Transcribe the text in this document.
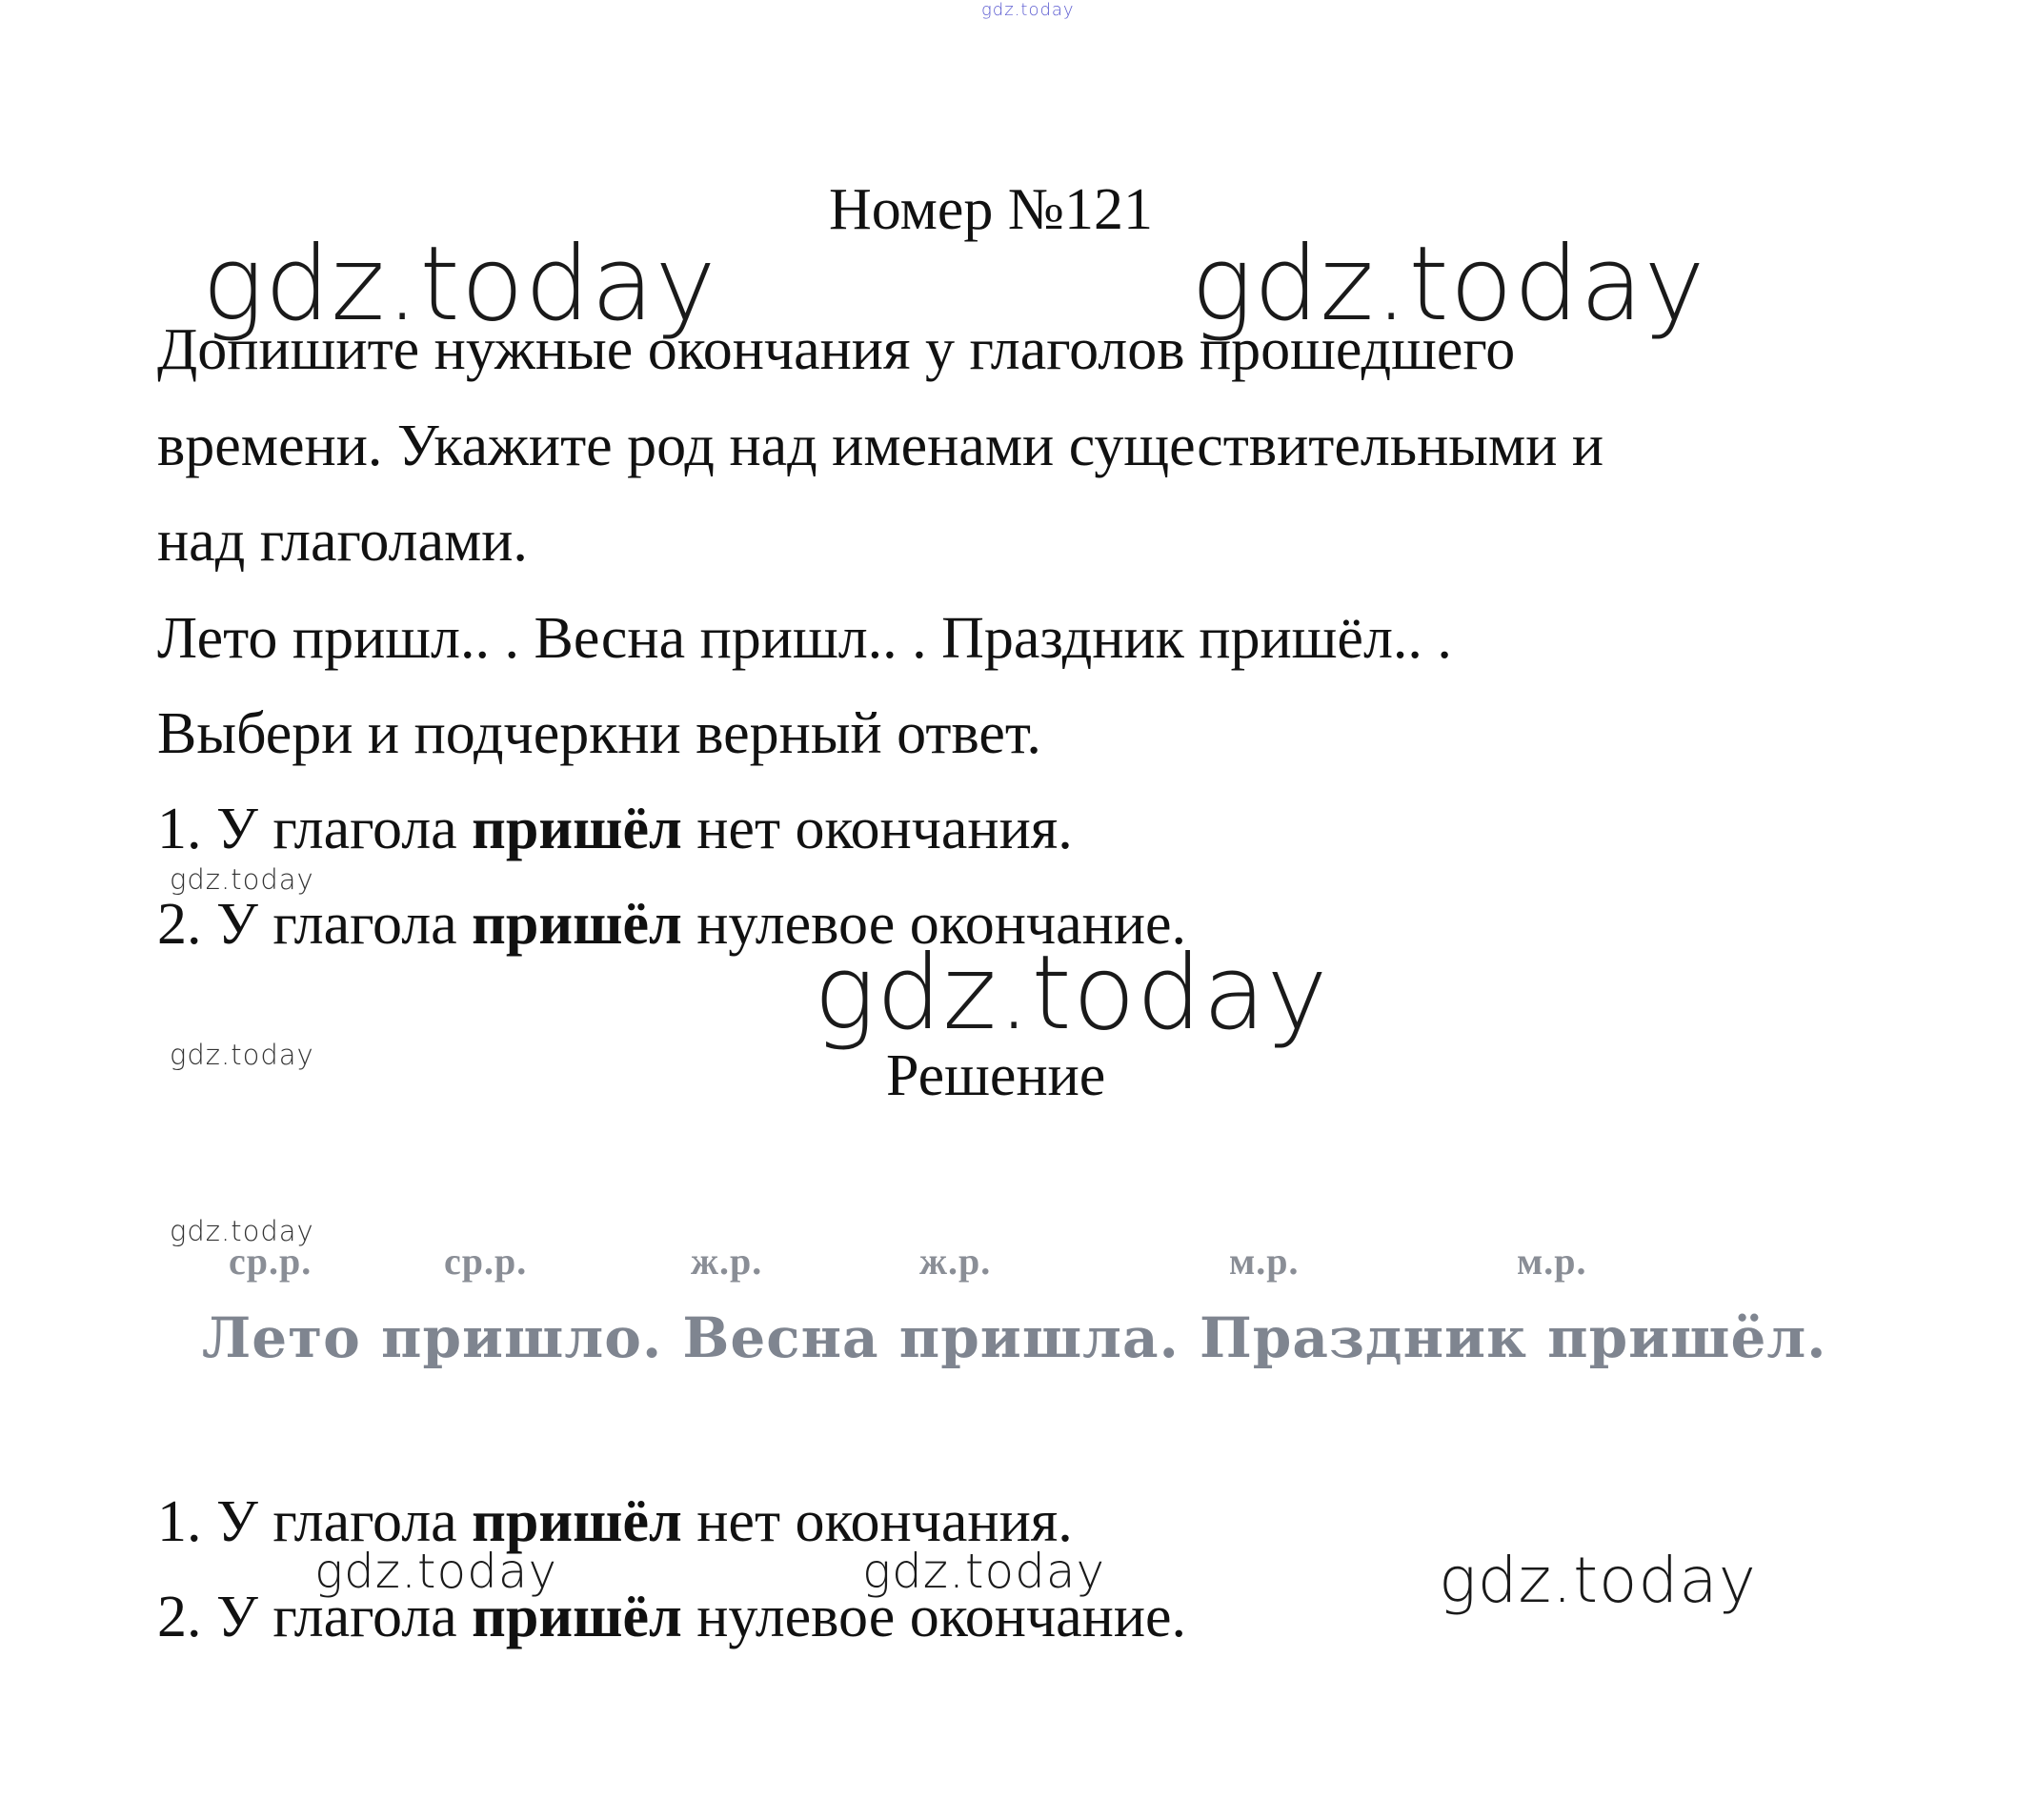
gdz.today
Номер №121
gdz.today	gdz.today
Допишите нужные окончания у глаголов прошедшего
времени. Укажите род над именами существительными и
над глаголами.
Лето пришл.. . Весна пришл.. . Праздник пришёл.. .
Выбери и подчеркни верный ответ.
1. У глагола пришёл нет окончания.
gdz.today
2. У глагола пришёл нулевое окончание.
gdz.today
gdz.today	Решение
gdz.today
ср.р.	ср.р.	ж.р.	ж.р.	м.р.	м.р.
Лето пришло. Весна пришла. Праздник пришёл.
1. У глагола пришёл нет окончания.
gdz.today	gdz.today	gdz.today
2. У глагола пришёл нулевое окончание.
